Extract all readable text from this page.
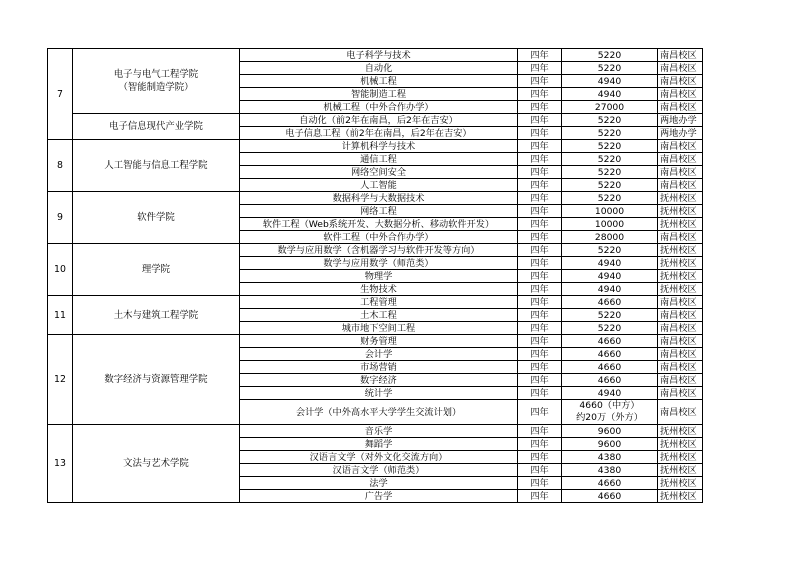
7	电子与电气工程学院
（智能制造学院）	电子科学与技术	四年	5220	南昌校区
		自动化	四年	5220	南昌校区
		机械工程	四年	4940	南昌校区
		智能制造工程	四年	4940	南昌校区
		机械工程（中外合作办学）	四年	27000	南昌校区
	电子信息现代产业学院	自动化（前2年在南昌，后2年在吉安）	四年	5220	两地办学
		电子信息工程（前2年在南昌，后2年在吉安）	四年	5220	两地办学
8	人工智能与信息工程学院	计算机科学与技术	四年	5220	南昌校区
		通信工程	四年	5220	南昌校区
		网络空间安全	四年	5220	南昌校区
		人工智能	四年	5220	南昌校区
9	软件学院	数据科学与大数据技术	四年	5220	抚州校区
		网络工程	四年	10000	抚州校区
		软件工程（Web系统开发、大数据分析、移动软件开发）	四年	10000	抚州校区
		软件工程（中外合作办学）	四年	28000	南昌校区
10	理学院	数学与应用数学（含机器学习与软件开发等方向）	四年	5220	抚州校区
		数学与应用数学（师范类）	四年	4940	抚州校区
		物理学	四年	4940	抚州校区
		生物技术	四年	4940	抚州校区
11	土木与建筑工程学院	工程管理	四年	4660	南昌校区
		土木工程	四年	5220	南昌校区
		城市地下空间工程	四年	5220	南昌校区
12	数字经济与资源管理学院	财务管理	四年	4660	南昌校区
		会计学	四年	4660	南昌校区
		市场营销	四年	4660	南昌校区
		数字经济	四年	4660	南昌校区
		统计学	四年	4940	南昌校区
		会计学（中外高水平大学学生交流计划）	四年	4660（中方）
约20万（外方）	南昌校区
13	文法与艺术学院	音乐学	四年	9600	抚州校区
		舞蹈学	四年	9600	抚州校区
		汉语言文学（对外文化交流方向）	四年	4380	抚州校区
		汉语言文学（师范类）	四年	4380	抚州校区
		法学	四年	4660	抚州校区
		广告学	四年	4660	抚州校区
